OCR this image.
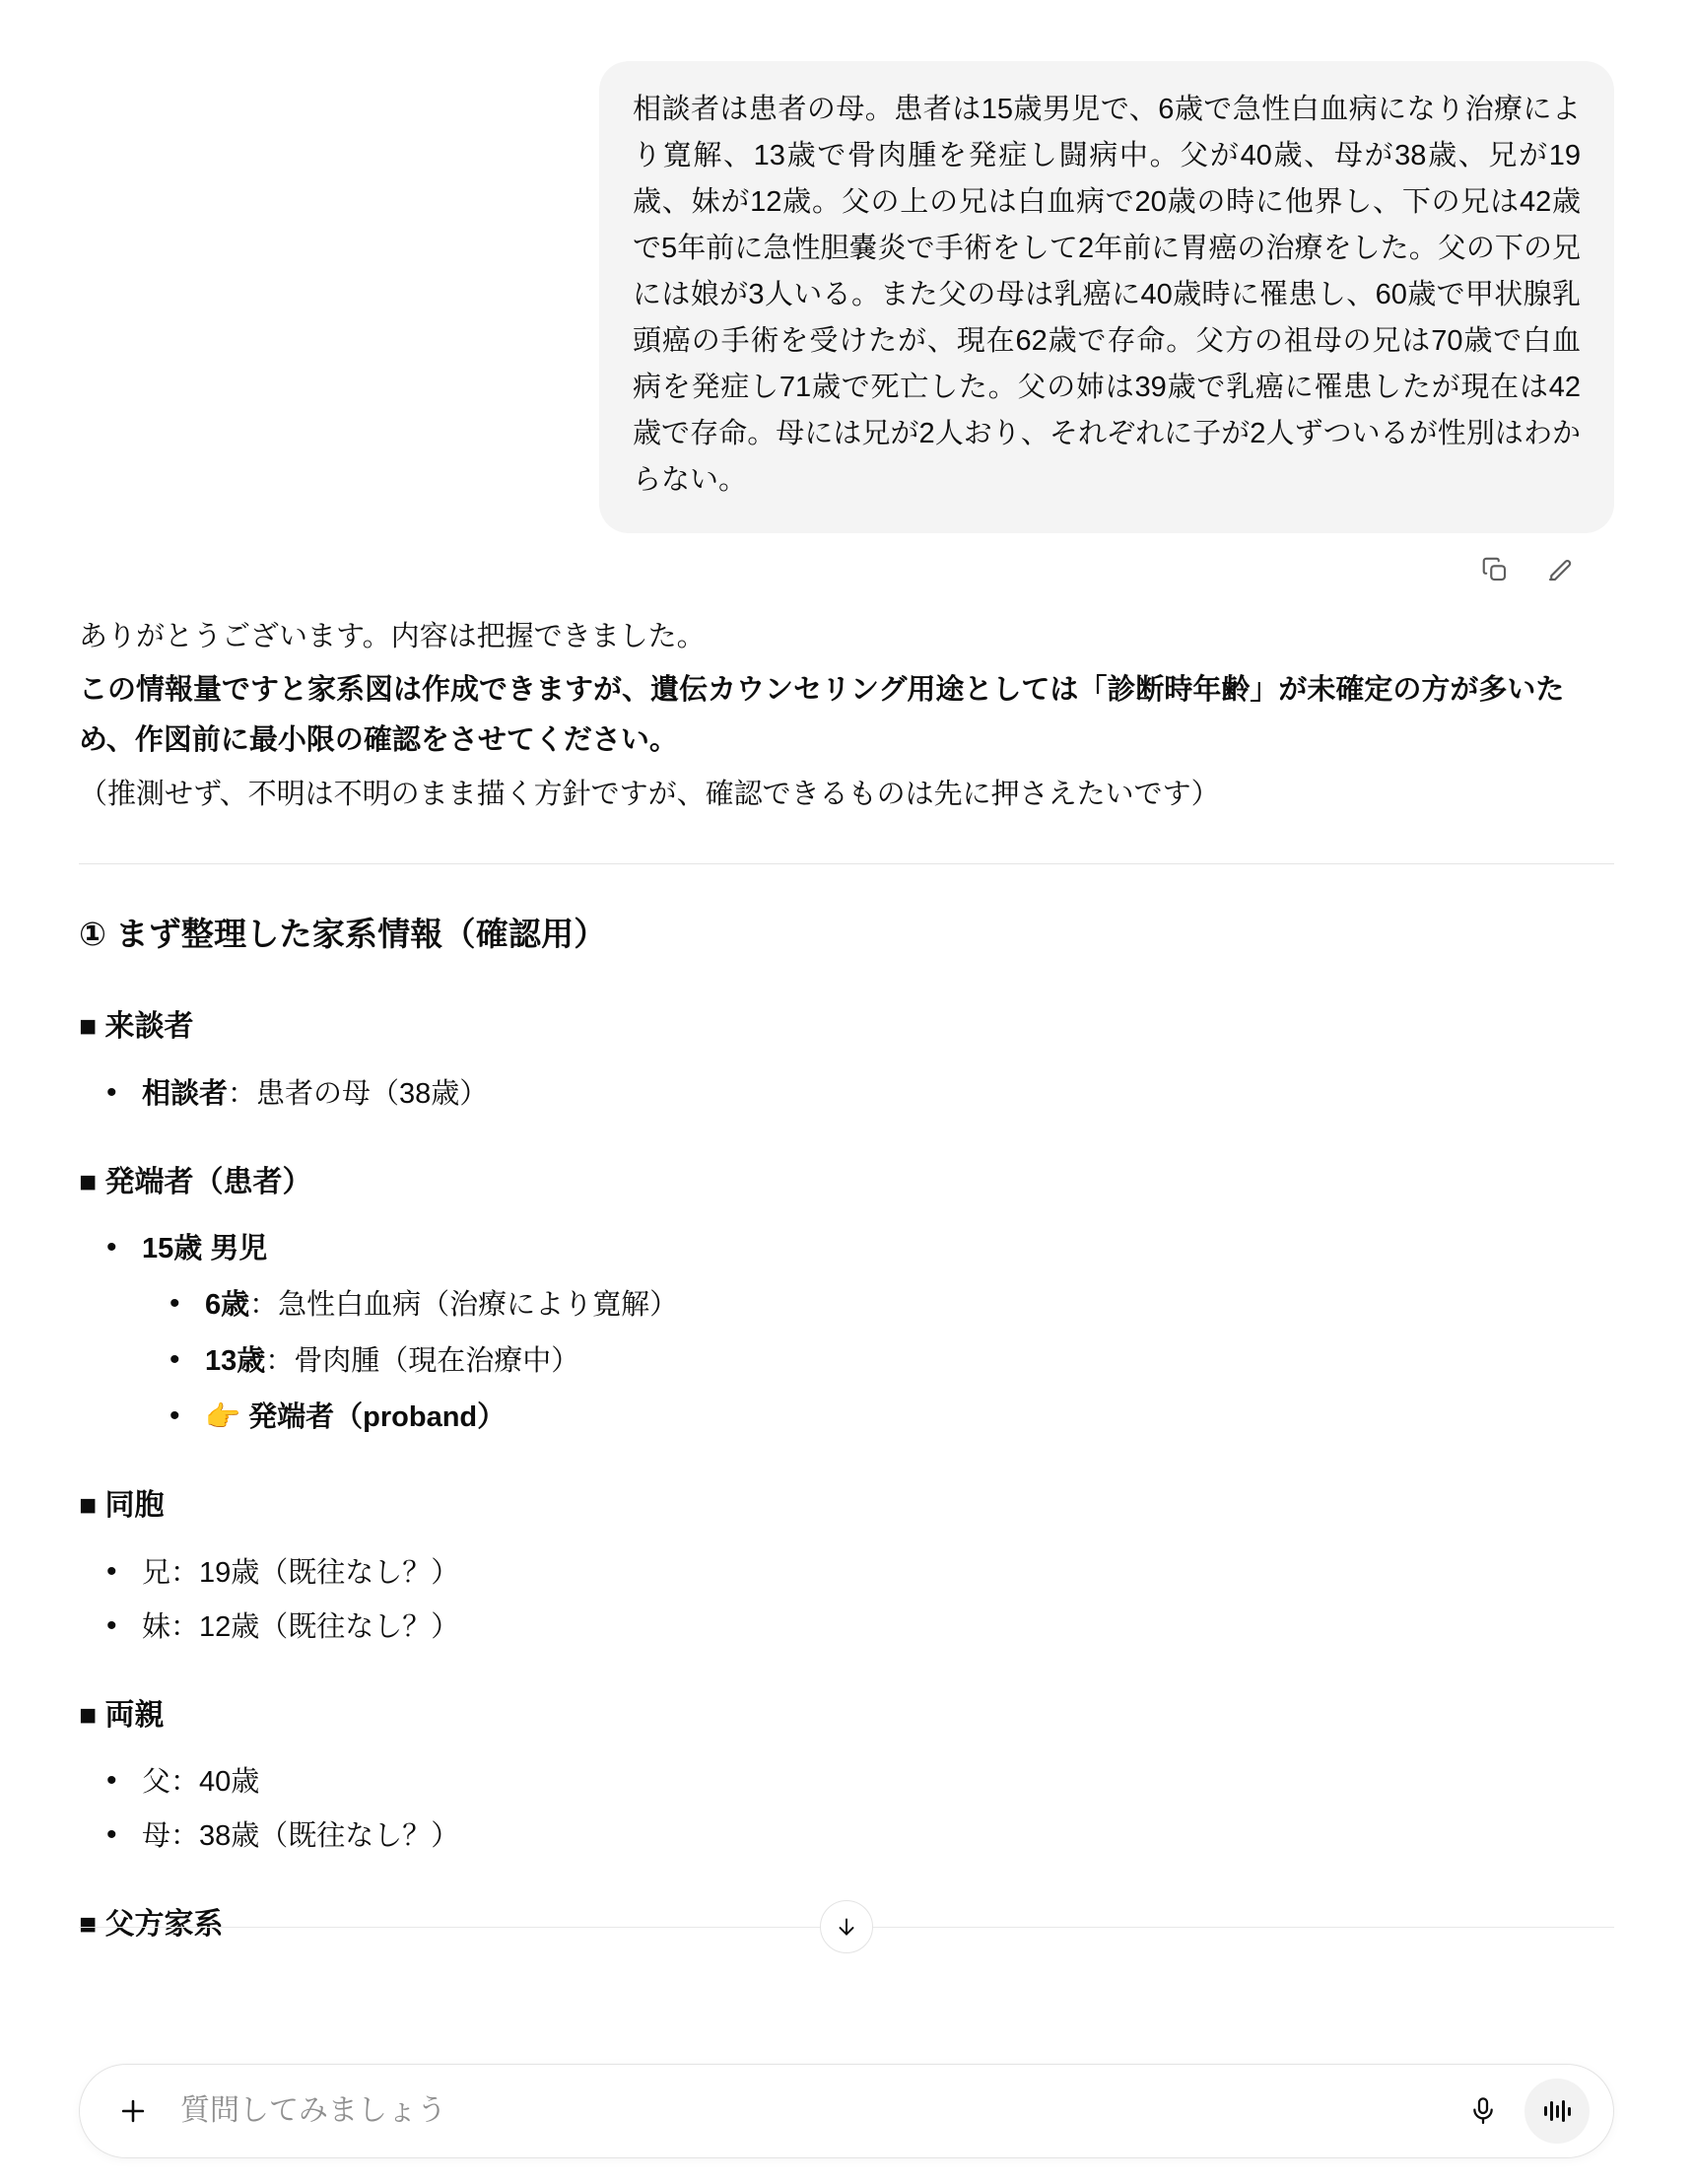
相談者は患者の母。患者は15歳男児で、6歳で急性白血病になり治療により寛解、13歳で骨肉腫を発症し闘病中。父が40歳、母が38歳、兄が19歳、妹が12歳。父の上の兄は白血病で20歳の時に他界し、下の兄は42歳で5年前に急性胆嚢炎で手術をして2年前に胃癌の治療をした。父の下の兄には娘が3人いる。また父の母は乳癌に40歳時に罹患し、60歳で甲状腺乳頭癌の手術を受けたが、現在62歳で存命。父方の祖母の兄は70歳で白血病を発症し71歳で死亡した。父の姉は39歳で乳癌に罹患したが現在は42歳で存命。母には兄が2人おり、それぞれに子が2人ずついるが性別はわからない。

ありがとうございます。内容は把握できました。

この情報量ですと家系図は作成できますが、遺伝カウンセリング用途としては「診断時年齢」が未確定の方が多いため、作図前に最小限の確認をさせてください。

（推測せず、不明は不明のまま描く方針ですが、確認できるものは先に押さえたいです）

① まず整理した家系情報（確認用）
■ 来談者
• 相談者：患者の母（38歳）
■ 発端者（患者）
• 15歳 男児
• 6歳：急性白血病（治療により寛解）
• 13歳：骨肉腫（現在治療中）
• 👉 発端者（proband）
■ 同胞
• 兄：19歳（既往なし？）
• 妹：12歳（既往なし？）
■ 両親
• 父：40歳
• 母：38歳（既往なし？）
■ 父方家系
質問してみましょう
